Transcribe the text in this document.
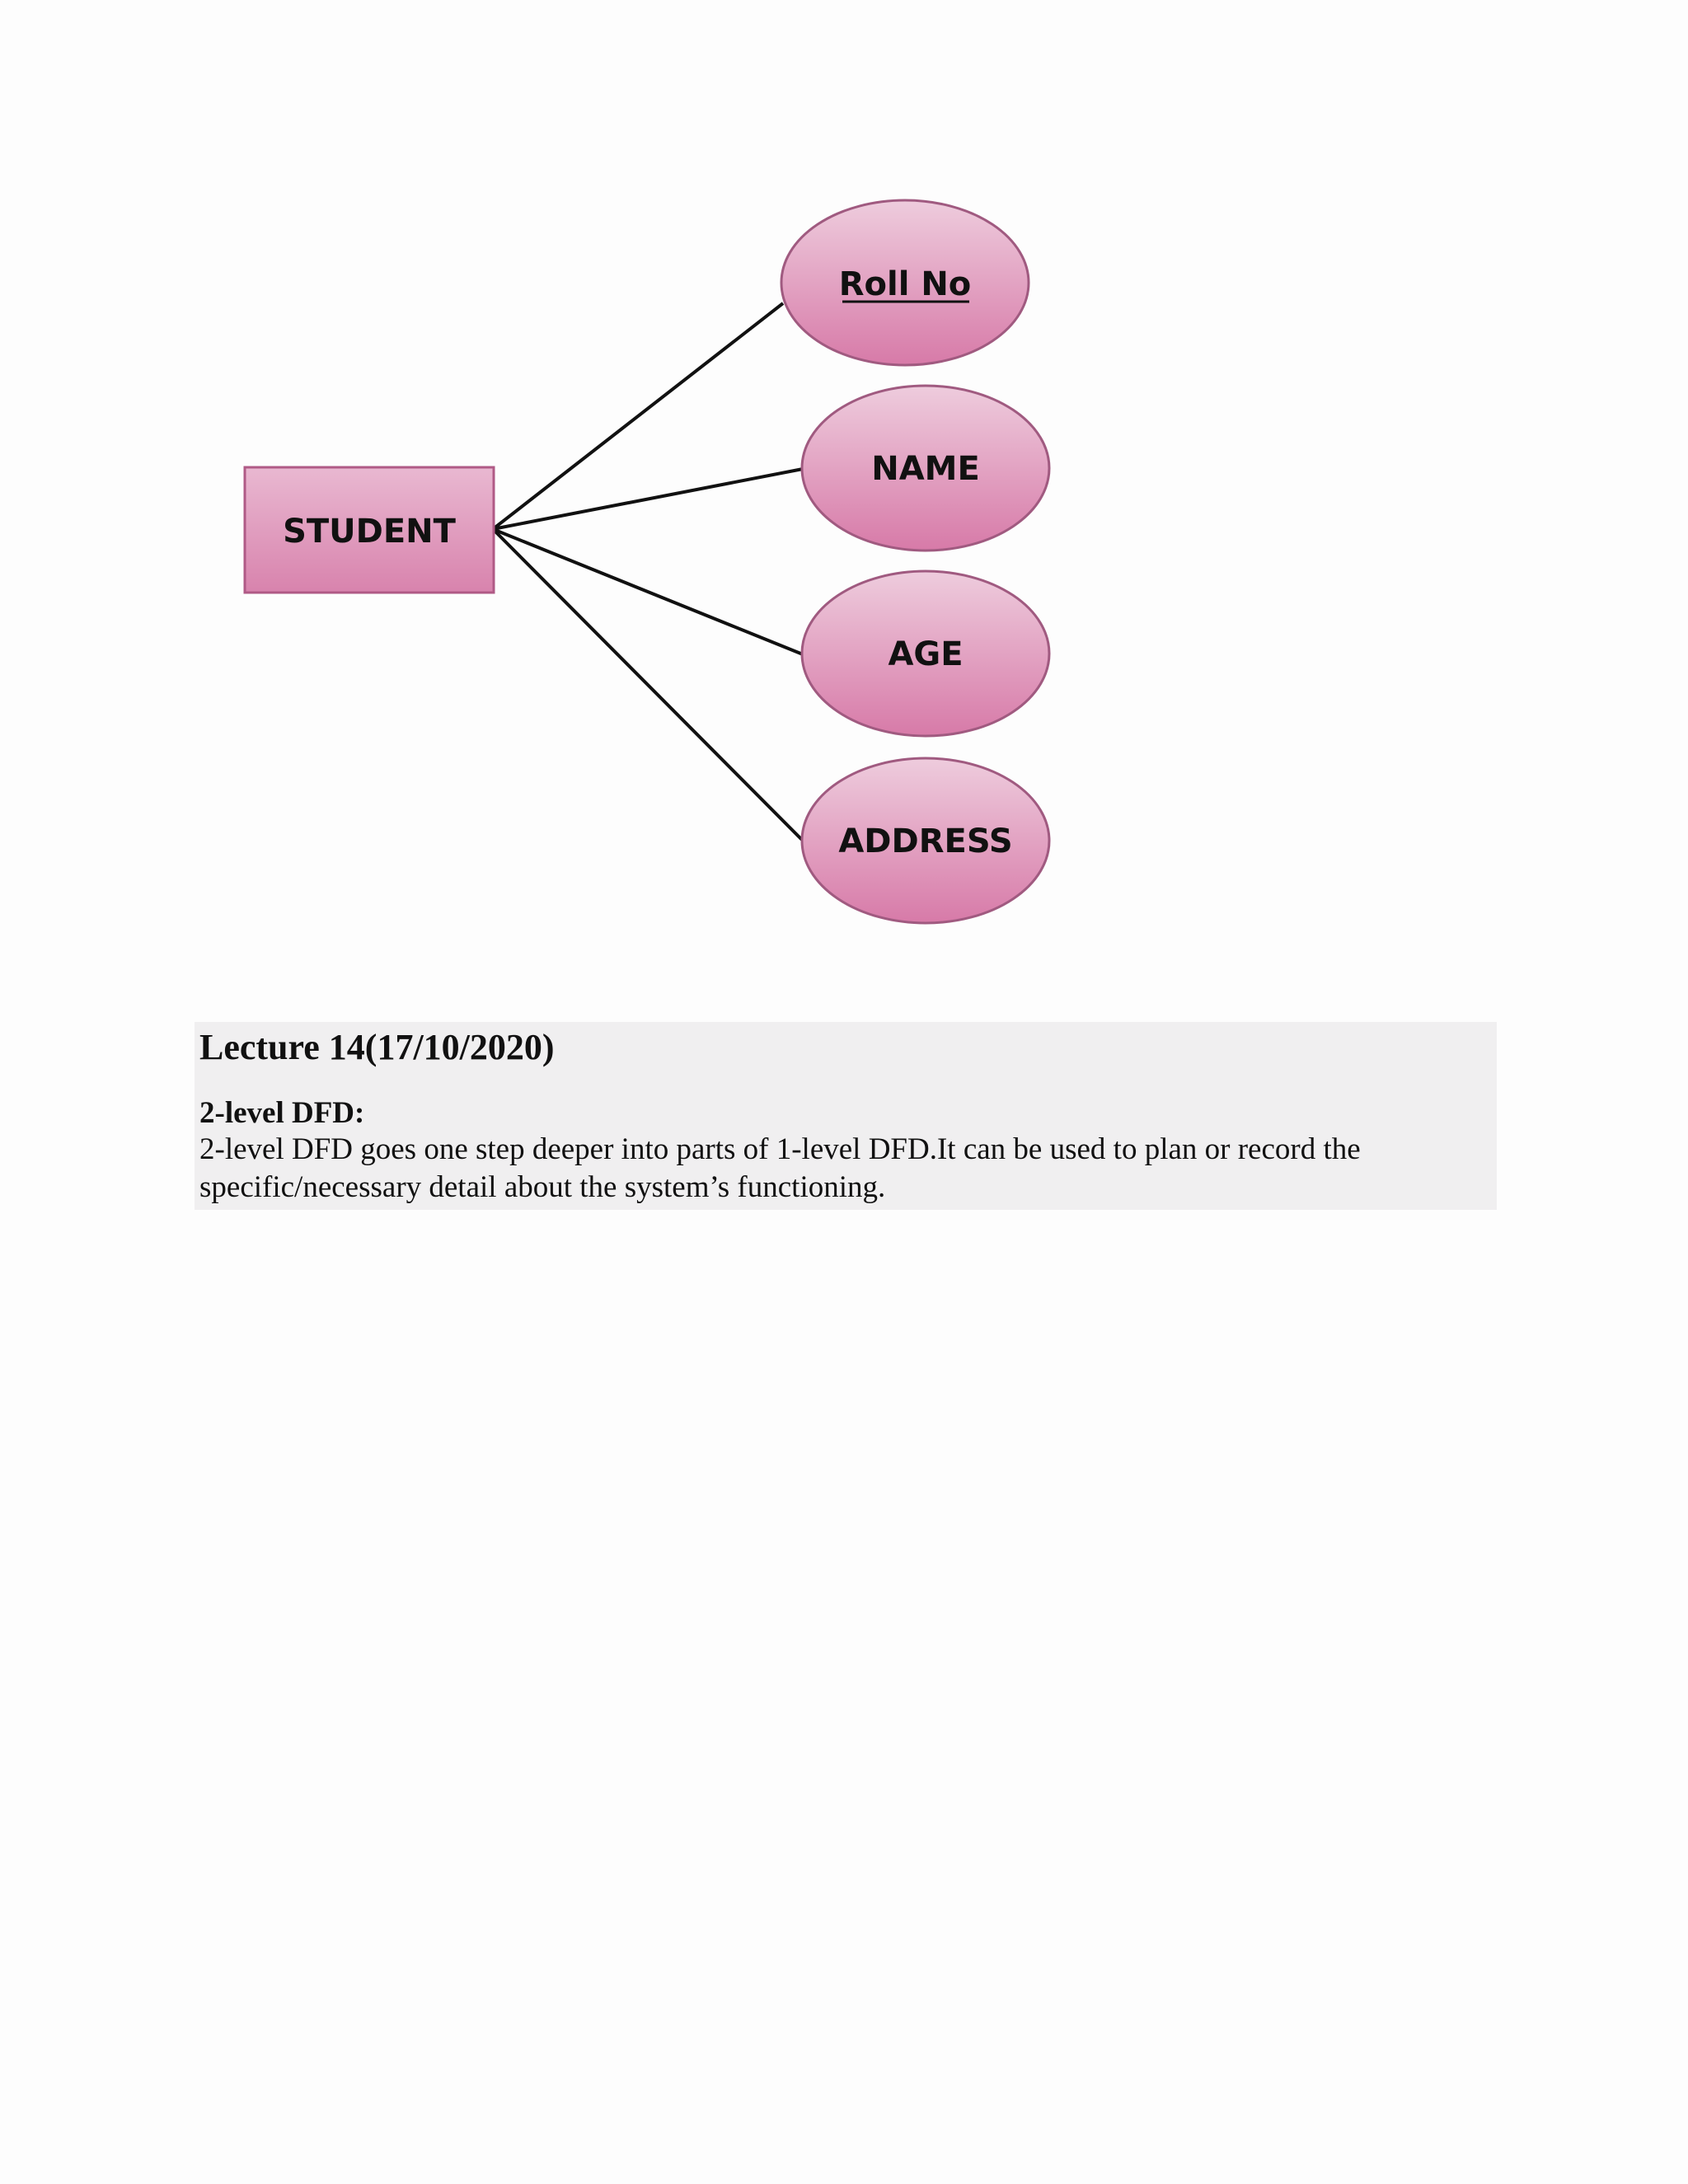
STUDENT
Roll No
NAME
AGE
ADDRESS
Lecture 14(17/10/2020)
2-level DFD:

2-level DFD goes one step deeper into parts of 1-level DFD.It can be used to plan or record the specific/necessary detail about the system’s functioning.
